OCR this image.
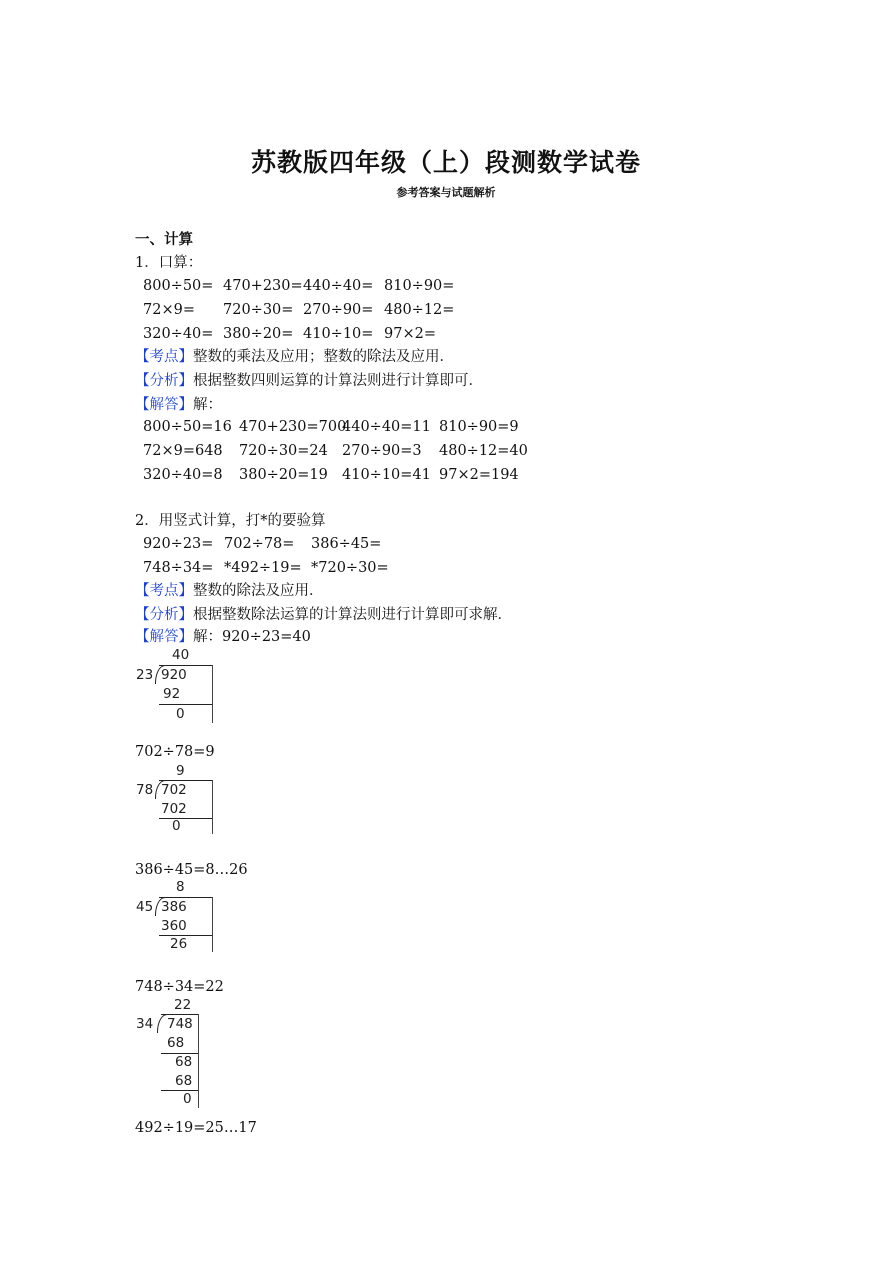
苏教版四年级（上）段测数学试卷
参考答案与试题解析
一、计算
1．口算：
800÷50= 470+230= 440÷40= 810÷90=
72×9= 720÷30= 270÷90= 480÷12=
320÷40= 380÷20= 410÷10= 97×2=
【考点】整数的乘法及应用；整数的除法及应用．
【分析】根据整数四则运算的计算法则进行计算即可．
【解答】解：
800÷50=16 470+230=700
440÷40=11 810÷90=9
72×9=648 720÷30=24 270÷90=3 480÷12=40
320÷40=8 380÷20=19 410÷10=41 97×2=194
2．用竖式计算，打*的要验算
920÷23= 702÷78= 386÷45=
748÷34= *492÷19= *720÷30=
【考点】整数的除法及应用．
【分析】根据整数除法运算的计算法则进行计算即可求解．
【解答】解：920÷23=40
40
23 920
92
0
702÷78=9
9
78 702
702
0
386÷45=8…26
8
45 386
360
26
748÷34=22
22
34 748
68
68
68
0
492÷19=25…17
